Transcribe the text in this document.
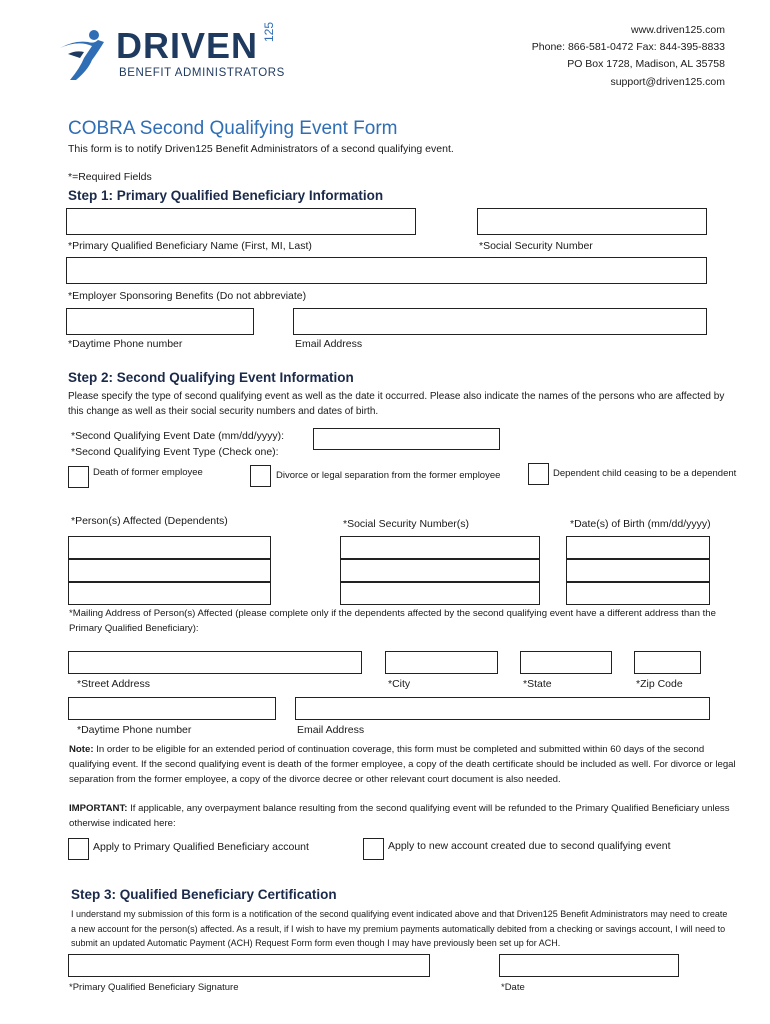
DRIVEN 125
BENEFIT ADMINISTRATORS
www.driven125.com
Phone: 866-581-0472 Fax: 844-395-8833
PO Box 1728, Madison, AL 35758
support@driven125.com
COBRA Second Qualifying Event Form
This form is to notify Driven125 Benefit Administrators of a second qualifying event.
*=Required Fields
Step 1: Primary Qualified Beneficiary Information
*Primary Qualified Beneficiary Name (First, MI, Last)	*Social Security Number
*Employer Sponsoring Benefits (Do not abbreviate)
*Daytime Phone number	Email Address
Step 2: Second Qualifying Event Information
Please specify the type of second qualifying event as well as the date it occurred. Please also indicate the names of the persons who are affected by this change as well as their social security numbers and dates of birth.
*Second Qualifying Event Date (mm/dd/yyyy):
*Second Qualifying Event Type (Check one):
Death of former employee	Divorce or legal separation from the former employee	Dependent child ceasing to be a dependent
*Person(s) Affected (Dependents)	*Social Security Number(s)	*Date(s) of Birth (mm/dd/yyyy)
*Mailing Address of Person(s) Affected (please complete only if the dependents affected by the second qualifying event have a different address than the Primary Qualified Beneficiary):
*Street Address	*City	*State	*Zip Code
*Daytime Phone number	Email Address
Note: In order to be eligible for an extended period of continuation coverage, this form must be completed and submitted within 60 days of the second qualifying event. If the second qualifying event is death of the former employee, a copy of the death certificate should be included as well. For divorce or legal separation from the former employee, a copy of the divorce decree or other relevant court document is also needed.
IMPORTANT: If applicable, any overpayment balance resulting from the second qualifying event will be refunded to the Primary Qualified Beneficiary unless otherwise indicated here:
Apply to Primary Qualified Beneficiary account	Apply to new account created due to second qualifying event
Step 3: Qualified Beneficiary Certification
I understand my submission of this form is a notification of the second qualifying event indicated above and that Driven125 Benefit Administrators may need to create a new account for the person(s) affected. As a result, if I wish to have my premium payments automatically debited from a checking or savings account, I will need to submit an updated Automatic Payment (ACH) Request Form form even though I may have previously been set up for ACH.
*Primary Qualified Beneficiary Signature	*Date
